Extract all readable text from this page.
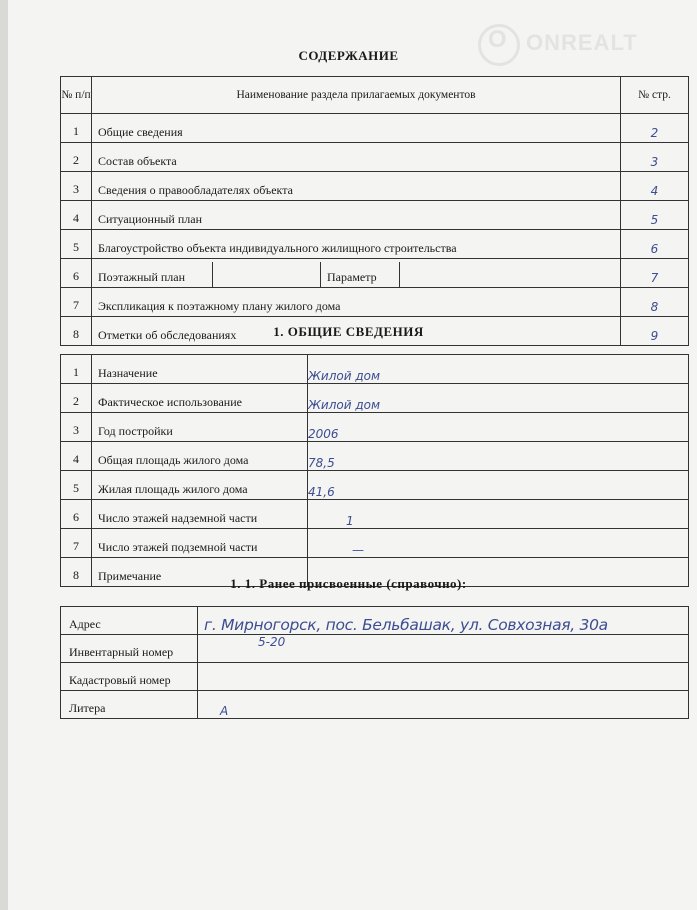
O ONREALT
СОДЕРЖАНИЕ
№ п/п	Наименование раздела прилагаемых документов	№ стр.
1	Общие сведения	2
2	Состав объекта	3
3	Сведения о правообладателях объекта	4
4	Ситуационный план	5
5	Благоустройство объекта индивидуального жилищного строительства	6
6	Поэтажный план Параметр	7
7	Экспликация к поэтажному плану жилого дома	8
8	Отметки об обследованиях	9
1. ОБЩИЕ СВЕДЕНИЯ
1	Назначение	Жилой дом
2	Фактическое использование	Жилой дом
3	Год постройки	2006
4	Общая площадь жилого дома	78,5
5	Жилая площадь жилого дома	41,6
6	Число этажей надземной части	1
7	Число этажей подземной части	—
8	Примечание		1. 1. Ранее присвоенные (справочно):
Адрес	г. Мирногорск, пос. Бельбашак, ул. Совхозная, 30а
Инвентарный номер	5-20
Кадастровый номер	
Литера	А
